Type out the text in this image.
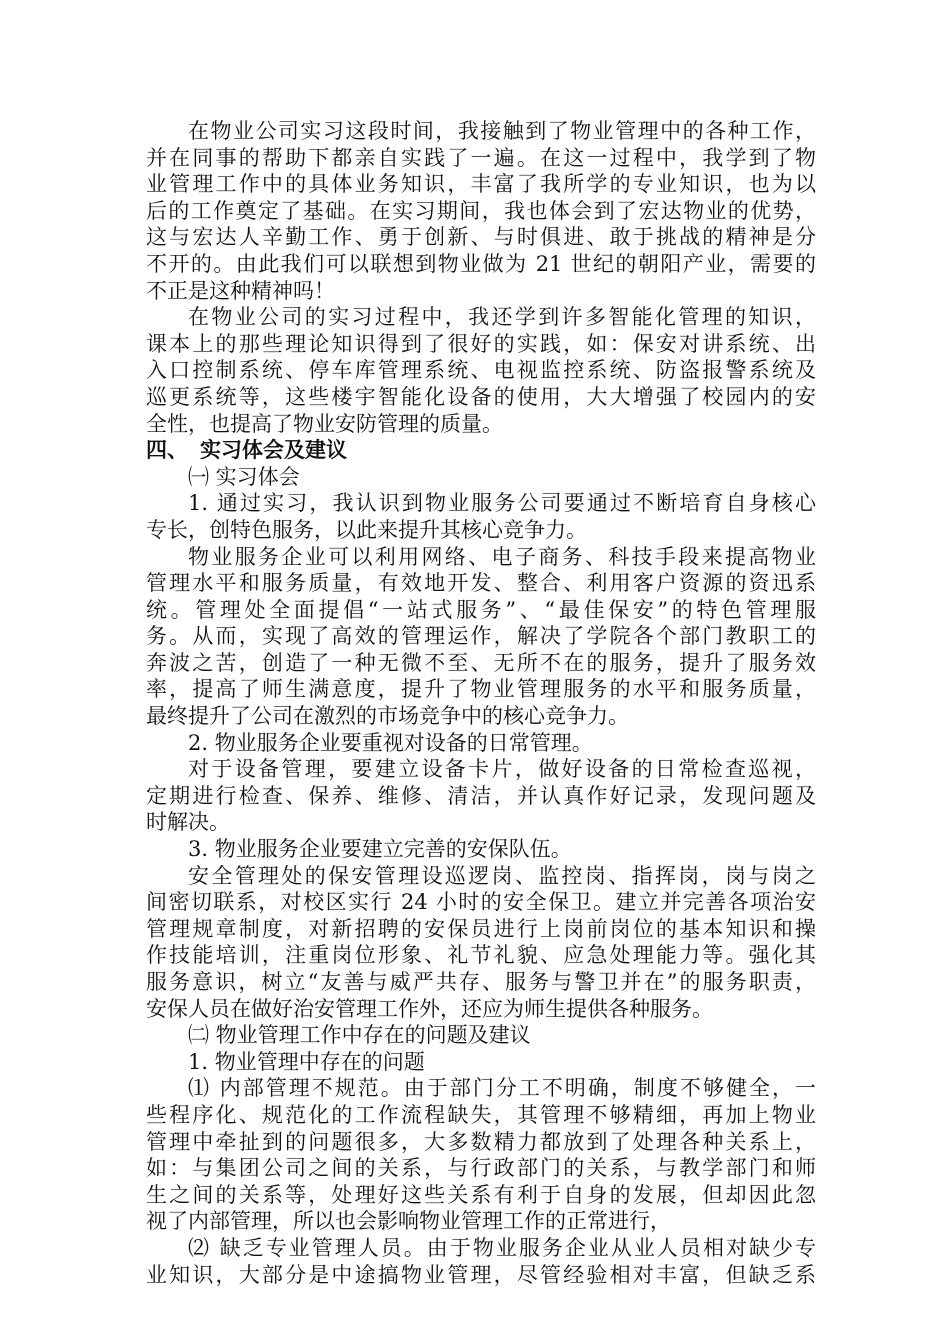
在物业公司实习这段时间，我接触到了物业管理中的各种工作，
并在同事的帮助下都亲自实践了一遍。在这一过程中，我学到了物
业管理工作中的具体业务知识，丰富了我所学的专业知识，也为以
后的工作奠定了基础。在实习期间，我也体会到了宏达物业的优势，
这与宏达人辛勤工作、勇于创新、与时俱进、敢于挑战的精神是分
不开的。由此我们可以联想到物业做为 21 世纪的朝阳产业，需要的
不正是这种精神吗！
在物业公司的实习过程中，我还学到许多智能化管理的知识，
课本上的那些理论知识得到了很好的实践，如：保安对讲系统、出
入口控制系统、停车库管理系统、电视监控系统、防盗报警系统及
巡更系统等，这些楼宇智能化设备的使用，大大增强了校园内的安
全性，也提高了物业安防管理的质量。
四、 实习体会及建议
㈠ 实习体会
1. 通过实习，我认识到物业服务公司要通过不断培育自身核心
专长，创特色服务，以此来提升其核心竞争力。
物业服务企业可以利用网络、电子商务、科技手段来提高物业
管理水平和服务质量，有效地开发、整合、利用客户资源的资迅系
统。管理处全面提倡“一站式服务”、“最佳保安”的特色管理服
务。从而，实现了高效的管理运作，解决了学院各个部门教职工的
奔波之苦，创造了一种无微不至、无所不在的服务，提升了服务效
率，提高了师生满意度，提升了物业管理服务的水平和服务质量，
最终提升了公司在激烈的市场竞争中的核心竞争力。
2. 物业服务企业要重视对设备的日常管理。
对于设备管理，要建立设备卡片，做好设备的日常检查巡视，
定期进行检查、保养、维修、清洁，并认真作好记录，发现问题及
时解决。
3. 物业服务企业要建立完善的安保队伍。
安全管理处的保安管理设巡逻岗、监控岗、指挥岗，岗与岗之
间密切联系，对校区实行 24 小时的安全保卫。建立并完善各项治安
管理规章制度，对新招聘的安保员进行上岗前岗位的基本知识和操
作技能培训，注重岗位形象、礼节礼貌、应急处理能力等。强化其
服务意识，树立“友善与威严共存、服务与警卫并在”的服务职责，
安保人员在做好治安管理工作外，还应为师生提供各种服务。
㈡ 物业管理工作中存在的问题及建议
1. 物业管理中存在的问题
⑴ 内部管理不规范。由于部门分工不明确，制度不够健全，一
些程序化、规范化的工作流程缺失，其管理不够精细，再加上物业
管理中牵扯到的问题很多，大多数精力都放到了处理各种关系上，
如：与集团公司之间的关系，与行政部门的关系，与教学部门和师
生之间的关系等，处理好这些关系有利于自身的发展，但却因此忽
视了内部管理，所以也会影响物业管理工作的正常进行，
⑵ 缺乏专业管理人员。由于物业服务企业从业人员相对缺少专
业知识，大部分是中途搞物业管理，尽管经验相对丰富，但缺乏系
